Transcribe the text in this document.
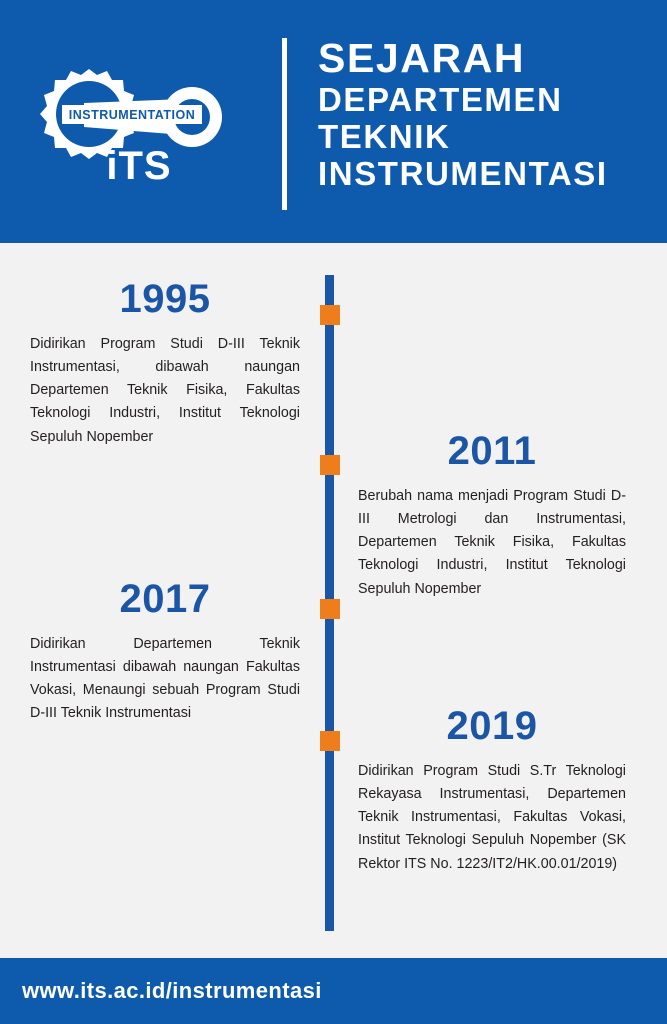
INSTRUMENTATION
iTS
SEJARAH
DEPARTEMEN
TEKNIK
INSTRUMENTASI
1995
Didirikan Program Studi D-III Teknik Instrumentasi, dibawah naungan Departemen Teknik Fisika, Fakultas Teknologi Industri, Institut Teknologi Sepuluh Nopember	2011
Berubah nama menjadi Program Studi D-III Metrologi dan Instrumentasi, Departemen Teknik Fisika, Fakultas Teknologi Industri, Institut Teknologi Sepuluh Nopember
2017
Didirikan Departemen Teknik Instrumentasi dibawah naungan Fakultas Vokasi, Menaungi sebuah Program Studi D-III Teknik Instrumentasi	2019
Didirikan Program Studi S.Tr Teknologi Rekayasa Instrumentasi, Departemen Teknik Instrumentasi, Fakultas Vokasi, Institut Teknologi Sepuluh Nopember (SK Rektor ITS No. 1223/IT2/HK.00.01/2019)
www.its.ac.id/instrumentasi
